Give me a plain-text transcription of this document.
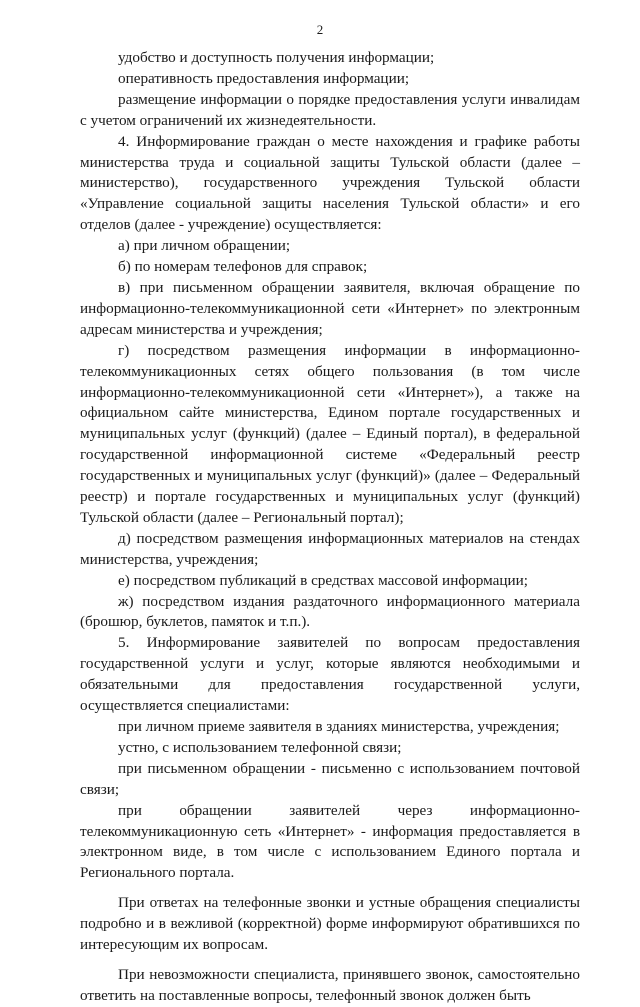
2

удобство и доступность получения информации;

оперативность предоставления информации;

размещение информации о порядке предоставления услуги инвалидам с учетом ограничений их жизнедеятельности.

4. Информирование граждан о месте нахождения и графике работы министерства труда и социальной защиты Тульской области (далее – министерство), государственного учреждения Тульской области «Управление социальной защиты населения Тульской области» и его отделов (далее - учреждение) осуществляется:

а) при личном обращении;

б) по номерам телефонов для справок;

в) при письменном обращении заявителя, включая обращение по информационно-телекоммуникационной сети «Интернет» по электронным адресам министерства и учреждения;

г) посредством размещения информации в информационно-телекоммуникационных сетях общего пользования (в том числе информационно-телекоммуникационной сети «Интернет»), а также на официальном сайте министерства, Едином портале государственных и муниципальных услуг (функций) (далее – Единый портал), в федеральной государственной информационной системе «Федеральный реестр государственных и муниципальных услуг (функций)» (далее – Федеральный реестр) и портале государственных и муниципальных услуг (функций) Тульской области (далее – Региональный портал);

д) посредством размещения информационных материалов на стендах министерства, учреждения;

е) посредством публикаций в средствах массовой информации;

ж) посредством издания раздаточного информационного материала (брошюр, буклетов, памяток и т.п.).

5. Информирование заявителей по вопросам предоставления государственной услуги и услуг, которые являются необходимыми и обязательными для предоставления государственной услуги, осуществляется специалистами:

при личном приеме заявителя в зданиях министерства, учреждения;

устно, с использованием телефонной связи;

при письменном обращении - письменно с использованием почтовой связи;

при обращении заявителей через информационно-телекоммуникационную сеть «Интернет» - информация предоставляется в электронном виде, в том числе с использованием Единого портала и Регионального портала.

При ответах на телефонные звонки и устные обращения специалисты подробно и в вежливой (корректной) форме информируют обратившихся по интересующим их вопросам.

При невозможности специалиста, принявшего звонок, самостоятельно ответить на поставленные вопросы, телефонный звонок должен быть
